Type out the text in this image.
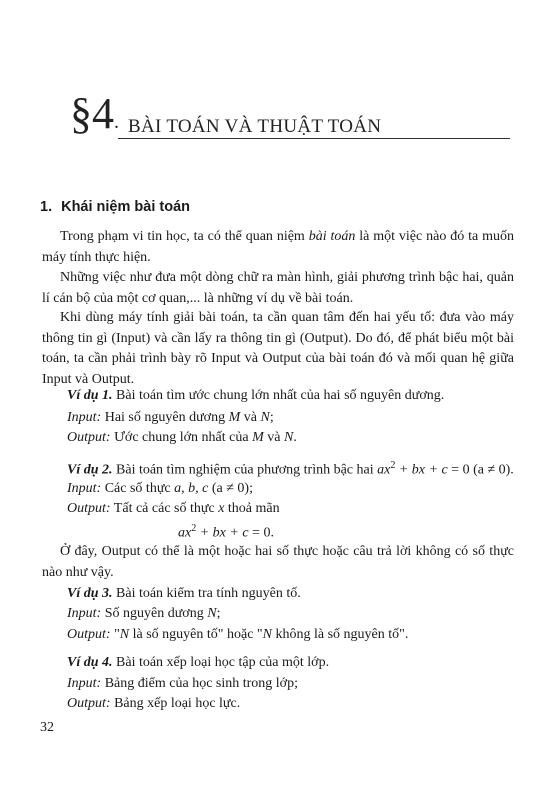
§4. BÀI TOÁN VÀ THUẬT TOÁN
1. Khái niệm bài toán
Trong phạm vi tin học, ta có thể quan niệm bài toán là một việc nào đó ta muốn máy tính thực hiện.
Những việc như đưa một dòng chữ ra màn hình, giải phương trình bậc hai, quản lí cán bộ của một cơ quan,... là những ví dụ về bài toán.
Khi dùng máy tính giải bài toán, ta cần quan tâm đến hai yếu tố: đưa vào máy thông tin gì (Input) và cần lấy ra thông tin gì (Output). Do đó, để phát biểu một bài toán, ta cần phải trình bày rõ Input và Output của bài toán đó và mối quan hệ giữa Input và Output.
Ví dụ 1. Bài toán tìm ước chung lớn nhất của hai số nguyên dương.
Input: Hai số nguyên dương M và N;
Output: Ước chung lớn nhất của M và N.
Ví dụ 2. Bài toán tìm nghiệm của phương trình bậc hai $ax^2$ + bx + c = 0 (a ≠ 0).
Input: Các số thực a, b, c (a ≠ 0);
Output: Tất cả các số thực x thoả mãn
$ax^2$ + bx + c = 0.
Ở đây, Output có thể là một hoặc hai số thực hoặc câu trả lời không có số thực nào như vậy.
Ví dụ 3. Bài toán kiểm tra tính nguyên tố.
Input: Số nguyên dương N;
Output: "N là số nguyên tố" hoặc "N không là số nguyên tố".
Ví dụ 4. Bài toán xếp loại học tập của một lớp.
Input: Bảng điểm của học sinh trong lớp;
Output: Bảng xếp loại học lực.
32
